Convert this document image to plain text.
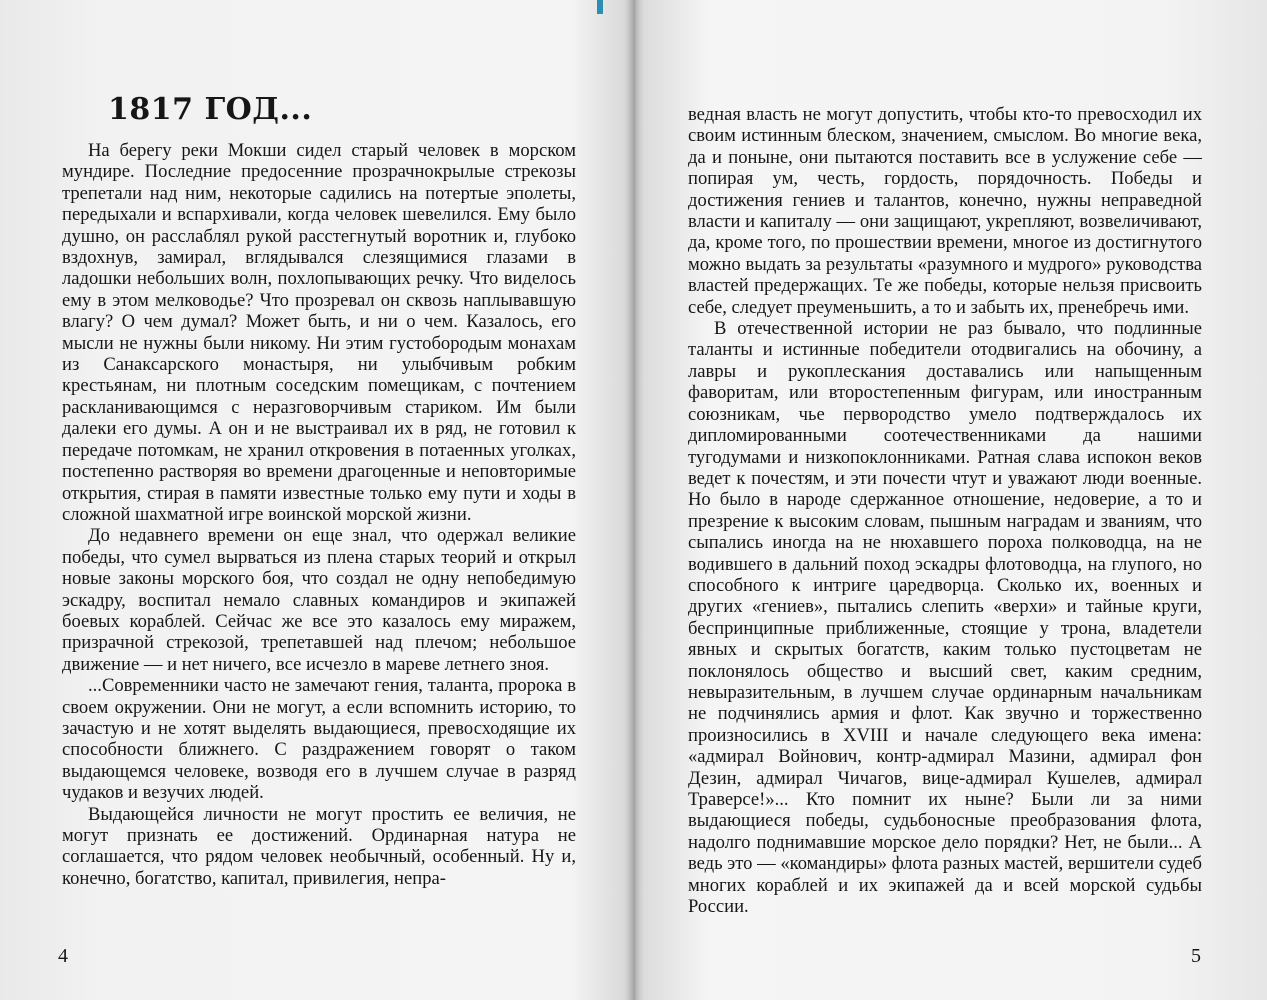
1817 ГОД...

На берегу реки Мокши сидел старый человек в морском мундире. Последние предосенние прозрачнокрылые стрекозы трепетали над ним, некоторые садились на потертые эполеты, передыхали и вспархивали, когда человек шевелился. Ему было душно, он расслаблял рукой расстегнутый воротник и, глубоко вздохнув, замирал, вглядывался слезящимися глазами в ладошки небольших волн, похлопывающих речку. Что виделось ему в этом мелководье? Что прозревал он сквозь наплывавшую влагу? О чем думал? Может быть, и ни о чем. Казалось, его мысли не нужны были никому. Ни этим густобородым монахам из Санаксарского монастыря, ни улыбчивым робким крестьянам, ни плотным соседским помещикам, с почтением раскланивающимся с неразговорчивым стариком. Им были далеки его думы. А он и не выстраивал их в ряд, не готовил к передаче потомкам, не хранил откровения в потаенных уголках, постепенно растворяя во времени драгоценные и неповторимые открытия, стирая в памяти известные только ему пути и ходы в сложной шахматной игре воинской морской жизни.

До недавнего времени он еще знал, что одержал великие победы, что сумел вырваться из плена старых теорий и открыл новые законы морского боя, что создал не одну непобедимую эскадру, воспитал немало славных командиров и экипажей боевых кораблей. Сейчас же все это казалось ему миражем, призрачной стрекозой, трепетавшей над плечом; небольшое движение — и нет ничего, все исчезло в мареве летнего зноя.

...Современники часто не замечают гения, таланта, пророка в своем окружении. Они не могут, а если вспомнить историю, то зачастую и не хотят выделять выдающиеся, превосходящие их способности ближнего. С раздражением говорят о таком выдающемся человеке, возводя его в лучшем случае в разряд чудаков и везучих людей.

Выдающейся личности не могут простить ее величия, не могут признать ее достижений. Ординарная натура не соглашается, что рядом человек необычный, особенный. Ну и, конечно, богатство, капитал, привилегия, непра-

4

ведная власть не могут допустить, чтобы кто-то превосходил их своим истинным блеском, значением, смыслом. Во многие века, да и поныне, они пытаются поставить все в услужение себе — попирая ум, честь, гордость, порядочность. Победы и достижения гениев и талантов, конечно, нужны неправедной власти и капиталу — они защищают, укрепляют, возвеличивают, да, кроме того, по прошествии времени, многое из достигнутого можно выдать за результаты «разумного и мудрого» руководства властей предержащих. Те же победы, которые нельзя присвоить себе, следует преуменьшить, а то и забыть их, пренебречь ими.

В отечественной истории не раз бывало, что подлинные таланты и истинные победители отодвигались на обочину, а лавры и рукоплескания доставались или напыщенным фаворитам, или второстепенным фигурам, или иностранным союзникам, чье первородство умело подтверждалось их дипломированными соотечественниками да нашими тугодумами и низкопоклонниками. Ратная слава испокон веков ведет к почестям, и эти почести чтут и уважают люди военные. Но было в народе сдержанное отношение, недоверие, а то и презрение к высоким словам, пышным наградам и званиям, что сыпались иногда на не нюхавшего пороха полководца, на не водившего в дальний поход эскадры флотоводца, на глупого, но способного к интриге царедворца. Сколько их, военных и других «гениев», пытались слепить «верхи» и тайные круги, беспринципные приближенные, стоящие у трона, владетели явных и скрытых богатств, каким только пустоцветам не поклонялось общество и высший свет, каким средним, невыразительным, в лучшем случае ординарным начальникам не подчинялись армия и флот. Как звучно и торжественно произносились в XVIII и начале следующего века имена: «адмирал Войнович, контр-адмирал Мазини, адмирал фон Дезин, адмирал Чичагов, вице-адмирал Кушелев, адмирал Траверсе!»... Кто помнит их ныне? Были ли за ними выдающиеся победы, судьбоносные преобразования флота, надолго поднимавшие морское дело порядки? Нет, не были... А ведь это — «командиры» флота разных мастей, вершители судеб многих кораблей и их экипажей да и всей морской судьбы России.

5
